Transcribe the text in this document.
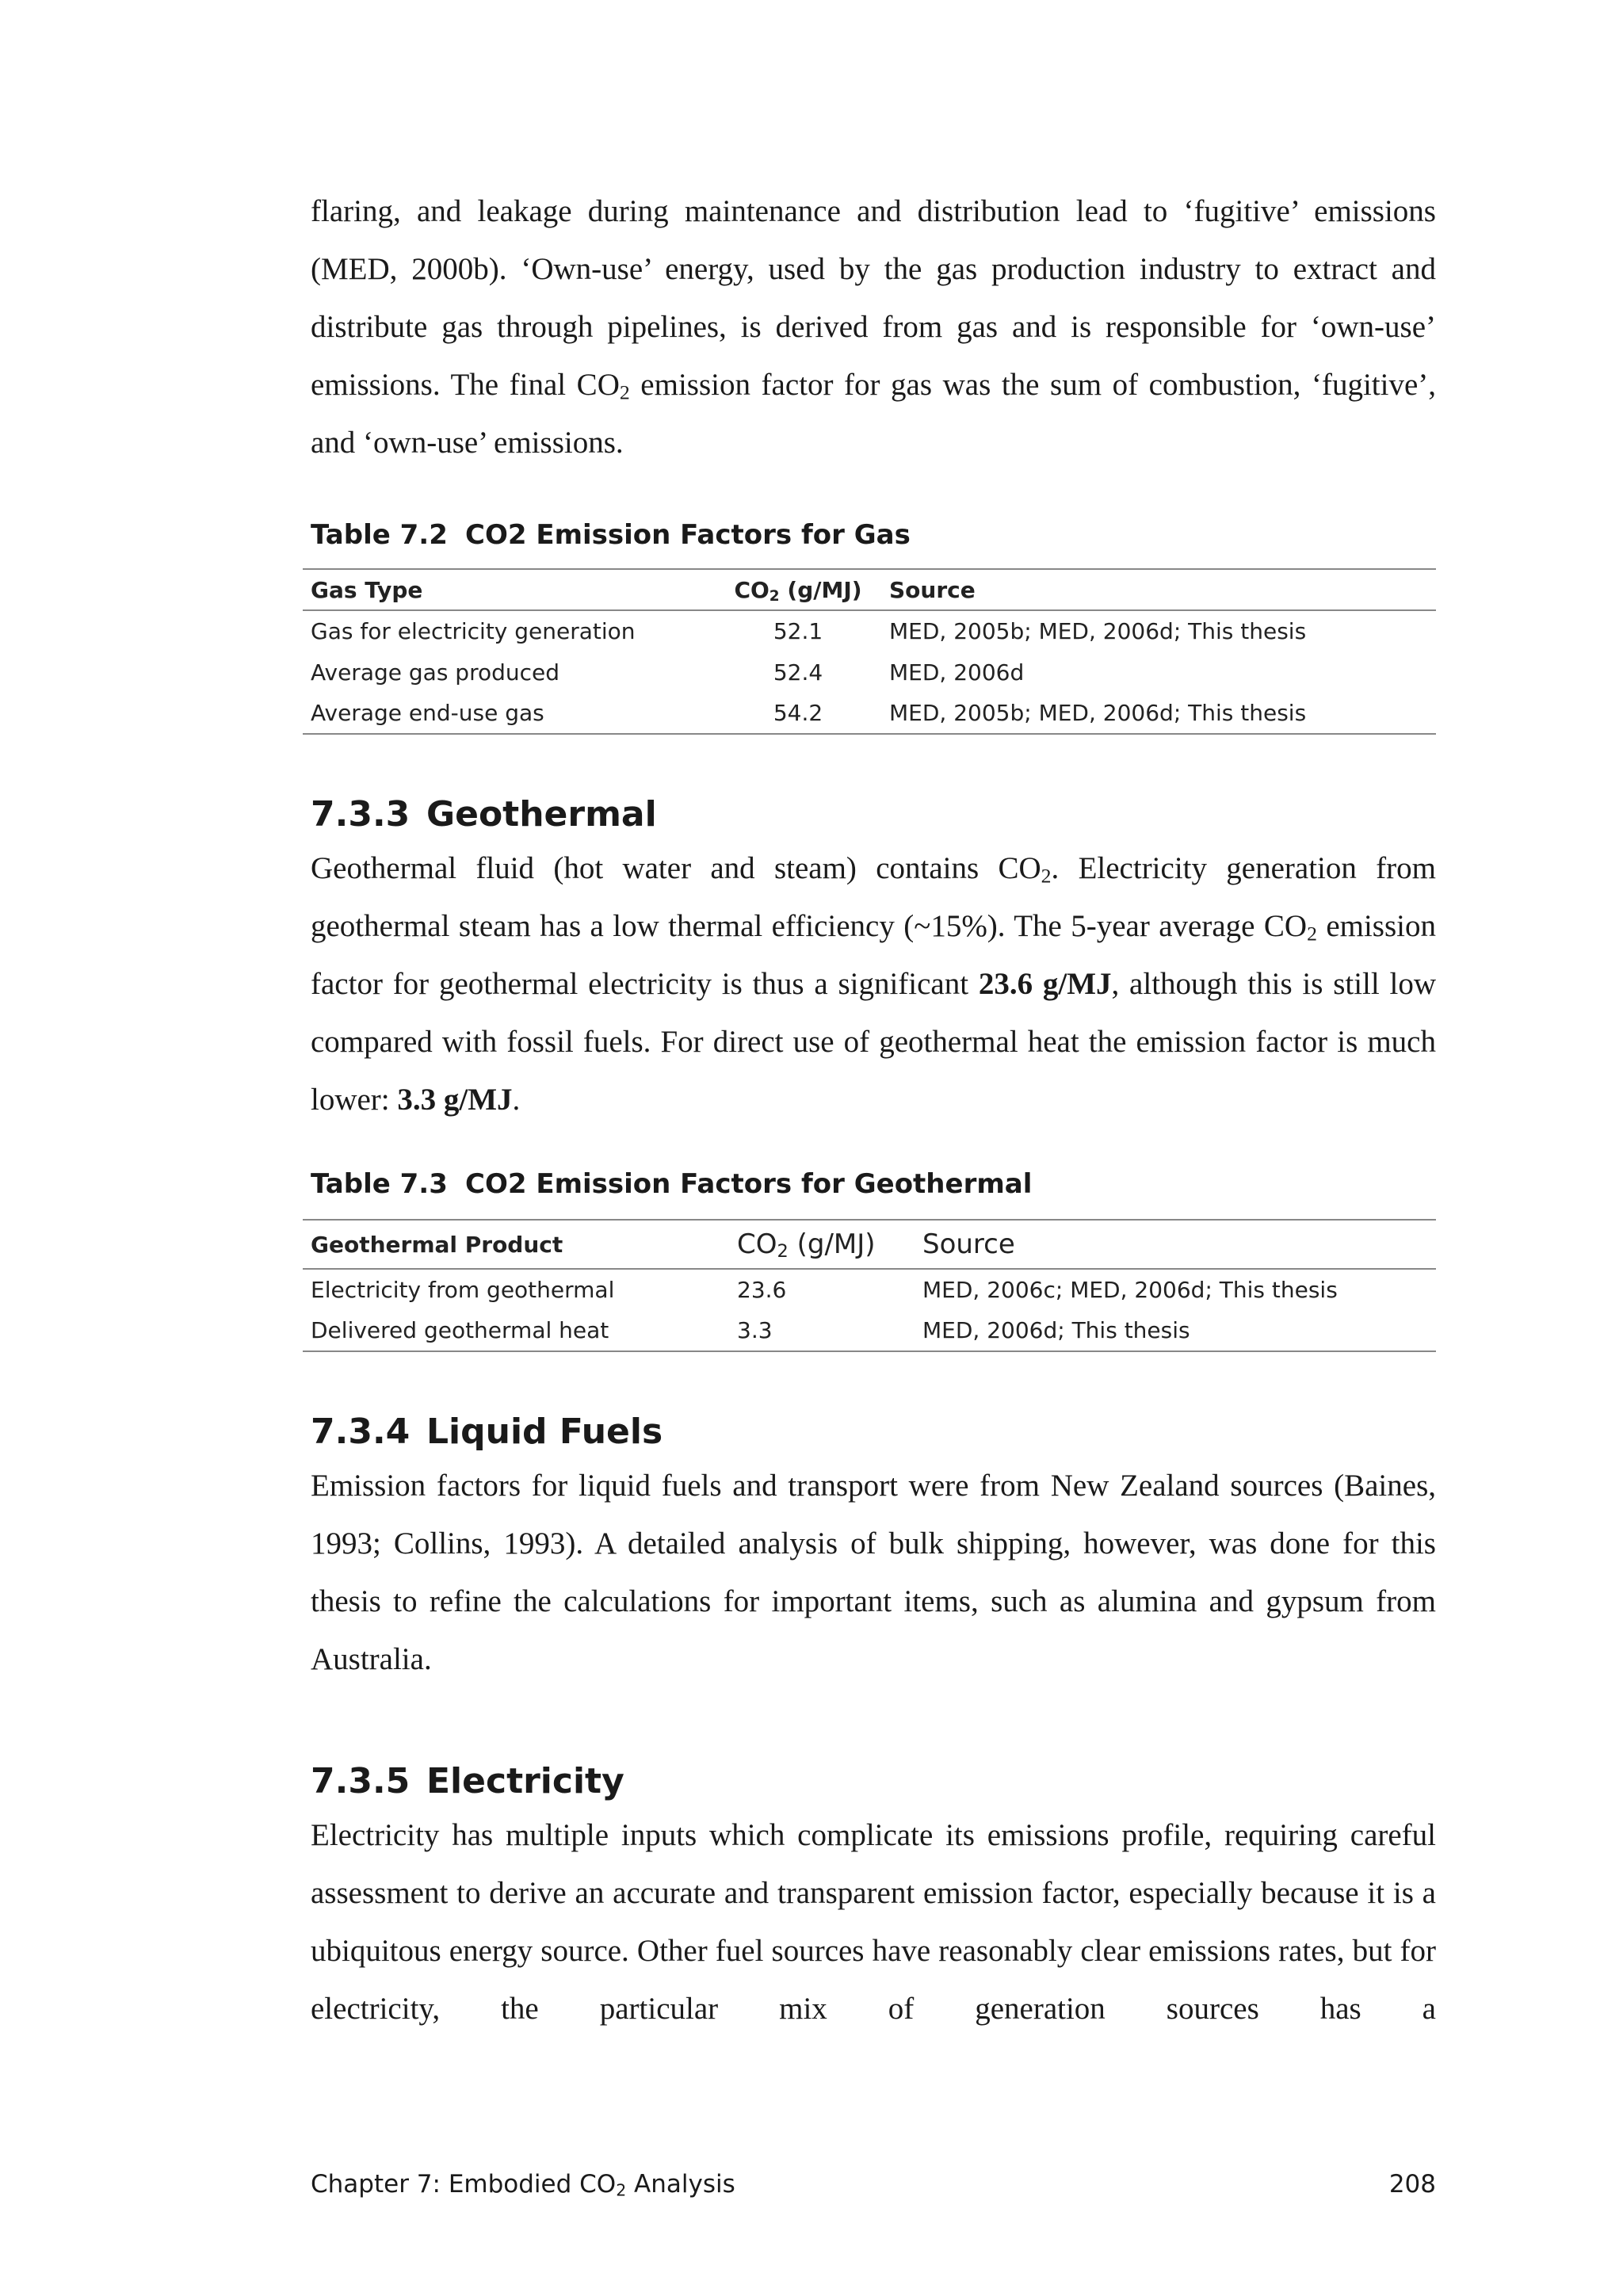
flaring, and leakage during maintenance and distribution lead to ‘fugitive’ emissions (MED, 2000b). ‘Own-use’ energy, used by the gas production industry to extract and distribute gas through pipelines, is derived from gas and is responsible for ‘own-use’ emissions. The final $CO_2$ emission factor for gas was the sum of combustion, ‘fugitive’, and ‘own-use’ emissions.

Table 7.2 CO2 Emission Factors for Gas

Gas Type	$CO_2$ (g/MJ)	Source
Gas for electricity generation	52.1	MED, 2005b; MED, 2006d; This thesis
Average gas produced	52.4	MED, 2006d
Average end-use gas	54.2	MED, 2005b; MED, 2006d; This thesis
7.3.3 Geothermal

Geothermal fluid (hot water and steam) contains $CO_2$. Electricity generation from geothermal steam has a low thermal efficiency (~15%). The 5-year average $CO_2$ emission factor for geothermal electricity is thus a significant 23.6 g/MJ, although this is still low compared with fossil fuels. For direct use of geothermal heat the emission factor is much lower: 3.3 g/MJ.

Table 7.3 CO2 Emission Factors for Geothermal

Geothermal Product	$CO_2$ (g/MJ)	Source
Electricity from geothermal	23.6	MED, 2006c; MED, 2006d; This thesis
Delivered geothermal heat	3.3	MED, 2006d; This thesis
7.3.4 Liquid Fuels

Emission factors for liquid fuels and transport were from New Zealand sources (Baines, 1993; Collins, 1993). A detailed analysis of bulk shipping, however, was done for this thesis to refine the calculations for important items, such as alumina and gypsum from Australia.

7.3.5 Electricity

Electricity has multiple inputs which complicate its emissions profile, requiring careful assessment to derive an accurate and transparent emission factor, especially because it is a ubiquitous energy source. Other fuel sources have reasonably clear emissions rates, but for electricity, the particular mix of generation sources has a

Chapter 7: Embodied $CO_2$ Analysis	208
